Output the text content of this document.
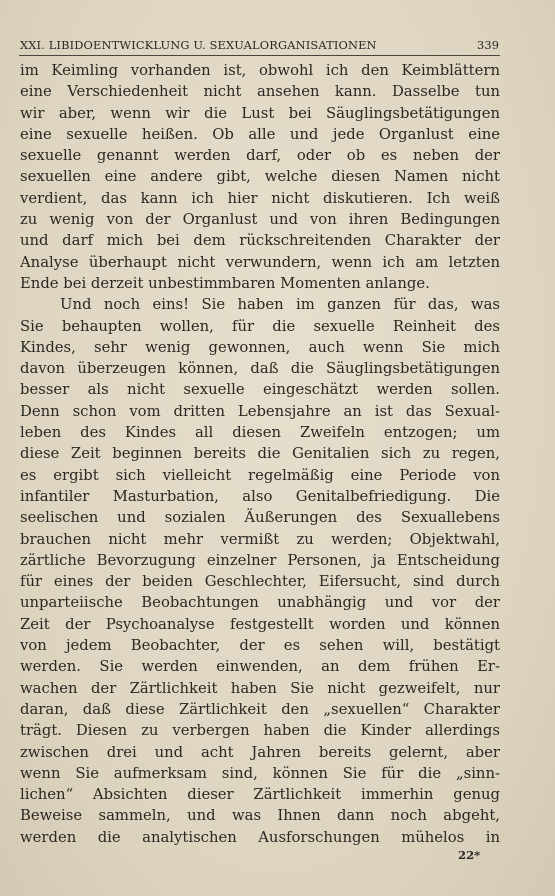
XXI. LIBIDOENTWICKLUNG U. SEXUALORGANISATIONEN	339
im Keimling vorhanden ist, obwohl ich den Keimblättern
eine Verschiedenheit nicht ansehen kann. Dasselbe tun
wir aber, wenn wir die Lust bei Säuglingsbetätigungen
eine sexuelle heißen. Ob alle und jede Organlust eine
sexuelle genannt werden darf, oder ob es neben der
sexuellen eine andere gibt, welche diesen Namen nicht
verdient, das kann ich hier nicht diskutieren. Ich weiß
zu wenig von der Organlust und von ihren Bedingungen
und darf mich bei dem rückschreitenden Charakter der
Analyse überhaupt nicht verwundern, wenn ich am letzten
Ende bei derzeit unbestimmbaren Momenten anlange.
Und noch eins! Sie haben im ganzen für das, was
Sie behaupten wollen, für die sexuelle Reinheit des
Kindes, sehr wenig gewonnen, auch wenn Sie mich
davon überzeugen können, daß die Säuglingsbetätigungen
besser als nicht sexuelle eingeschätzt werden sollen.
Denn schon vom dritten Lebensjahre an ist das Sexual-
leben des Kindes all diesen Zweifeln entzogen; um
diese Zeit beginnen bereits die Genitalien sich zu regen,
es ergibt sich vielleicht regelmäßig eine Periode von
infantiler Masturbation, also Genitalbefriedigung. Die
seelischen und sozialen Äußerungen des Sexuallebens
brauchen nicht mehr vermißt zu werden; Objektwahl,
zärtliche Bevorzugung einzelner Personen, ja Entscheidung
für eines der beiden Geschlechter, Eifersucht, sind durch
unparteiische Beobachtungen unabhängig und vor der
Zeit der Psychoanalyse festgestellt worden und können
von jedem Beobachter, der es sehen will, bestätigt
werden. Sie werden einwenden, an dem frühen Er-
wachen der Zärtlichkeit haben Sie nicht gezweifelt, nur
daran, daß diese Zärtlichkeit den „sexuellen“ Charakter
trägt. Diesen zu verbergen haben die Kinder allerdings
zwischen drei und acht Jahren bereits gelernt, aber
wenn Sie aufmerksam sind, können Sie für die „sinn-
lichen“ Absichten dieser Zärtlichkeit immerhin genug
Beweise sammeln, und was Ihnen dann noch abgeht,
werden die analytischen Ausforschungen mühelos in
22*
